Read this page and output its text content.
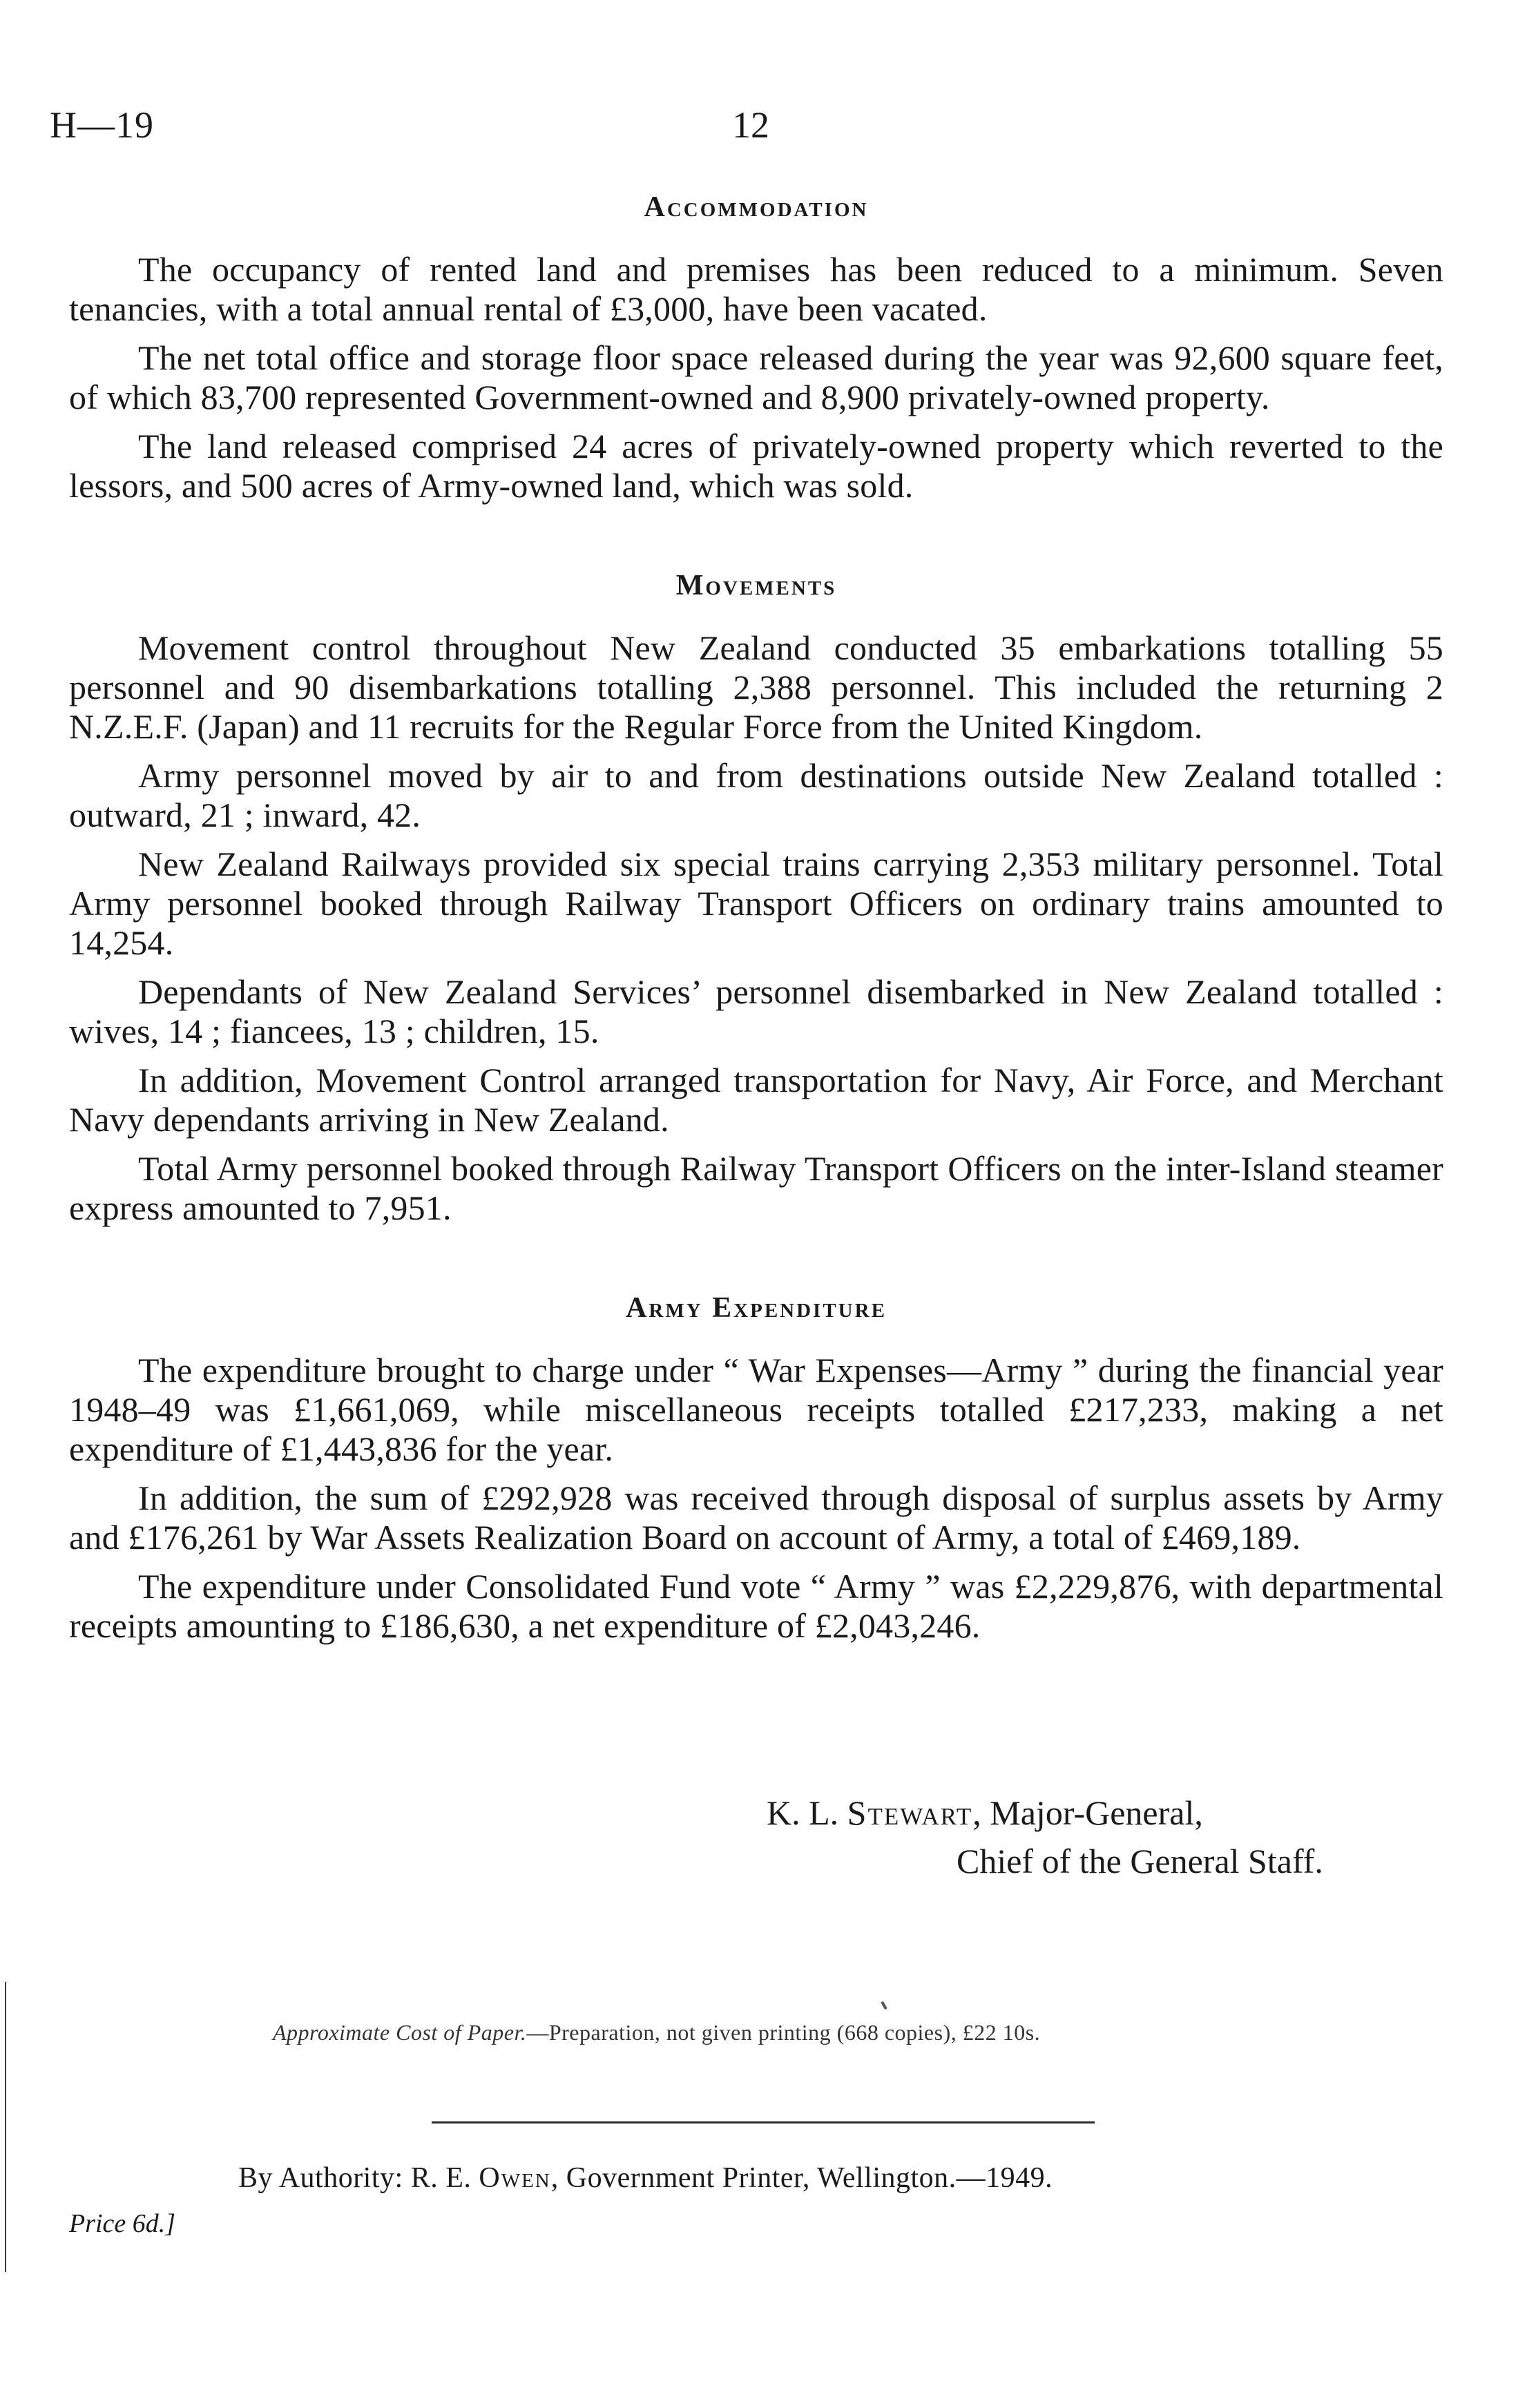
H—19	12
Accommodation

The occupancy of rented land and premises has been reduced to a minimum. Seven tenancies, with a total annual rental of £3,000, have been vacated.

The net total office and storage floor space released during the year was 92,600 square feet, of which 83,700 represented Government-owned and 8,900 privately-owned property.

The land released comprised 24 acres of privately-owned property which reverted to the lessors, and 500 acres of Army-owned land, which was sold.

Movements

Movement control throughout New Zealand conducted 35 embarkations totalling 55 personnel and 90 disembarkations totalling 2,388 personnel. This included the returning 2 N.Z.E.F. (Japan) and 11 recruits for the Regular Force from the United Kingdom.

Army personnel moved by air to and from destinations outside New Zealand totalled : outward, 21 ; inward, 42.

New Zealand Railways provided six special trains carrying 2,353 military personnel. Total Army personnel booked through Railway Transport Officers on ordinary trains amounted to 14,254.

Dependants of New Zealand Services’ personnel disembarked in New Zealand totalled : wives, 14 ; fiancees, 13 ; children, 15.

In addition, Movement Control arranged transportation for Navy, Air Force, and Merchant Navy dependants arriving in New Zealand.

Total Army personnel booked through Railway Transport Officers on the inter-Island steamer express amounted to 7,951.

Army Expenditure

The expenditure brought to charge under “ War Expenses—Army ” during the financial year 1948–49 was £1,661,069, while miscellaneous receipts totalled £217,233, making a net expenditure of £1,443,836 for the year.

In addition, the sum of £292,928 was received through disposal of surplus assets by Army and £176,261 by War Assets Realization Board on account of Army, a total of £469,189.

The expenditure under Consolidated Fund vote “ Army ” was £2,229,876, with departmental receipts amounting to £186,630, a net expenditure of £2,043,246.

K. L. Stewart, Major-General,
Chief of the General Staff.
Approximate Cost of Paper.—Preparation, not given printing (668 copies), £22 10s.
By Authority: R. E. Owen, Government Printer, Wellington.—1949.
Price 6d.]
